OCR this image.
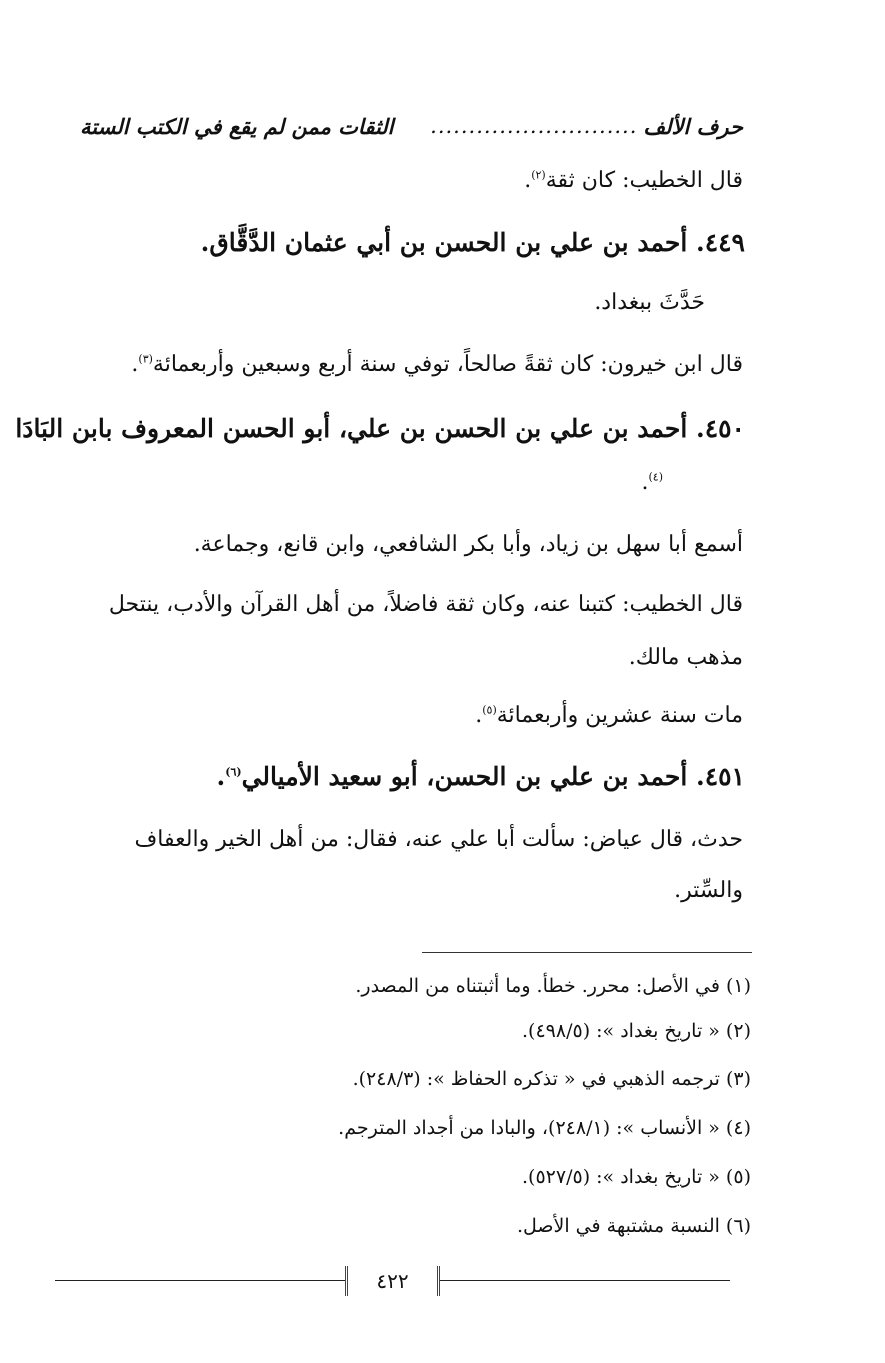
حرف الألف
...........................
الثقات ممن لم يقع في الكتب الستة
قال الخطيب: كان ثقة$^{(٢)}$.
٤٤٩. أحمد بن علي بن الحسن بن أبي عثمان الدَّقَّاق.
حَدَّثَ ببغداد.
قال ابن خيرون: كان ثقةً صالحاً، توفي سنة أربع وسبعين وأربعمائة$^{(٣)}$.
٤٥٠. أحمد بن علي بن الحسن بن علي، أبو الحسن المعروف بابن البَادَا
$^{(٤)}$.
أسمع أبا سهل بن زياد، وأبا بكر الشافعي، وابن قانع، وجماعة.
قال الخطيب: كتبنا عنه، وكان ثقة فاضلاً، من أهل القرآن والأدب، ينتحل
مذهب مالك.
مات سنة عشرين وأربعمائة$^{(٥)}$.
٤٥١. أحمد بن علي بن الحسن، أبو سعيد الأميالي$^{(٦)}$.
حدث، قال عياض: سألت أبا علي عنه، فقال: من أهل الخير والعفاف
والسِّتر.
(١) في الأصل: محرر. خطأ. وما أثبتناه من المصدر.
(٢) « تاريخ بغداد »: (٤٩٨/٥).
(٣) ترجمه الذهبي في « تذكره الحفاظ »: (٢٤٨/٣).
(٤) « الأنساب »: (٢٤٨/١)، والبادا من أجداد المترجم.
(٥) « تاريخ بغداد »: (٥٢٧/٥).
(٦) النسبة مشتبهة في الأصل.
٤٢٢
